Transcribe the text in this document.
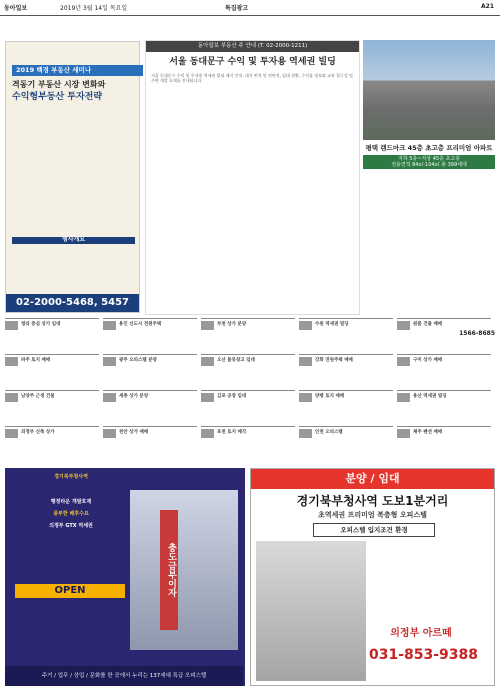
동아일보	2019년 3월 14일 목요일	특집광고	A21
2019 백경 부동산 세미나
격동기 부동산 시장 변화와
수익형부동산 투자전략
행사개요
02-2000-5468, 5457
동아일보 부동산 주 안내 (T. 02-2000-1211)
서울 동대문구 수익 및 투자용 역세권 빌딩
서울 동대문구 수익 및 투자용 역세권 빌딩 매각 안내. 대지 면적 및 연면적, 임대 현황, 수익률 정보와 교통 접근성 및 주변 개발 호재를 안내합니다.
평택 랜드마크 45층 초고층 프리미엄 아파트
지하 5층~지상 45층 초고층
전용면적 84㎡·104㎡ 총 399세대
1566-8685
청라 중심 상가 임대	용인 신도시 전원주택	부천 상가 분양	수원 역세권 빌딩	원룸 건물 매매
파주 토지 매매	광주 오피스텔 분양	오산 물류창고 임대	강화 전원주택 매매	구미 상가 매매
남양주 근생 건물	세종 상가 분양	김포 공장 임대	양평 토지 매매	용산 역세권 빌딩
의정부 신축 상가	천안 상가 매매	포천 토지 매각	인천 오피스텔	제주 펜션 매매
경기북부청사역
행정타운 개발호재
풍부한 배후수요
의정부 GTX 역세권
OPEN	충도금부이자
주거 / 업무 / 상업 / 문화를 한 곳에서 누리는 137세대 특급 오피스텔
분양 / 임대
경기북부청사역 도보1분거리
초역세권 프리미엄 복층형 오피스텔
오피스텔 입지조건 환경
의정부 아르떼
031-853-9388
